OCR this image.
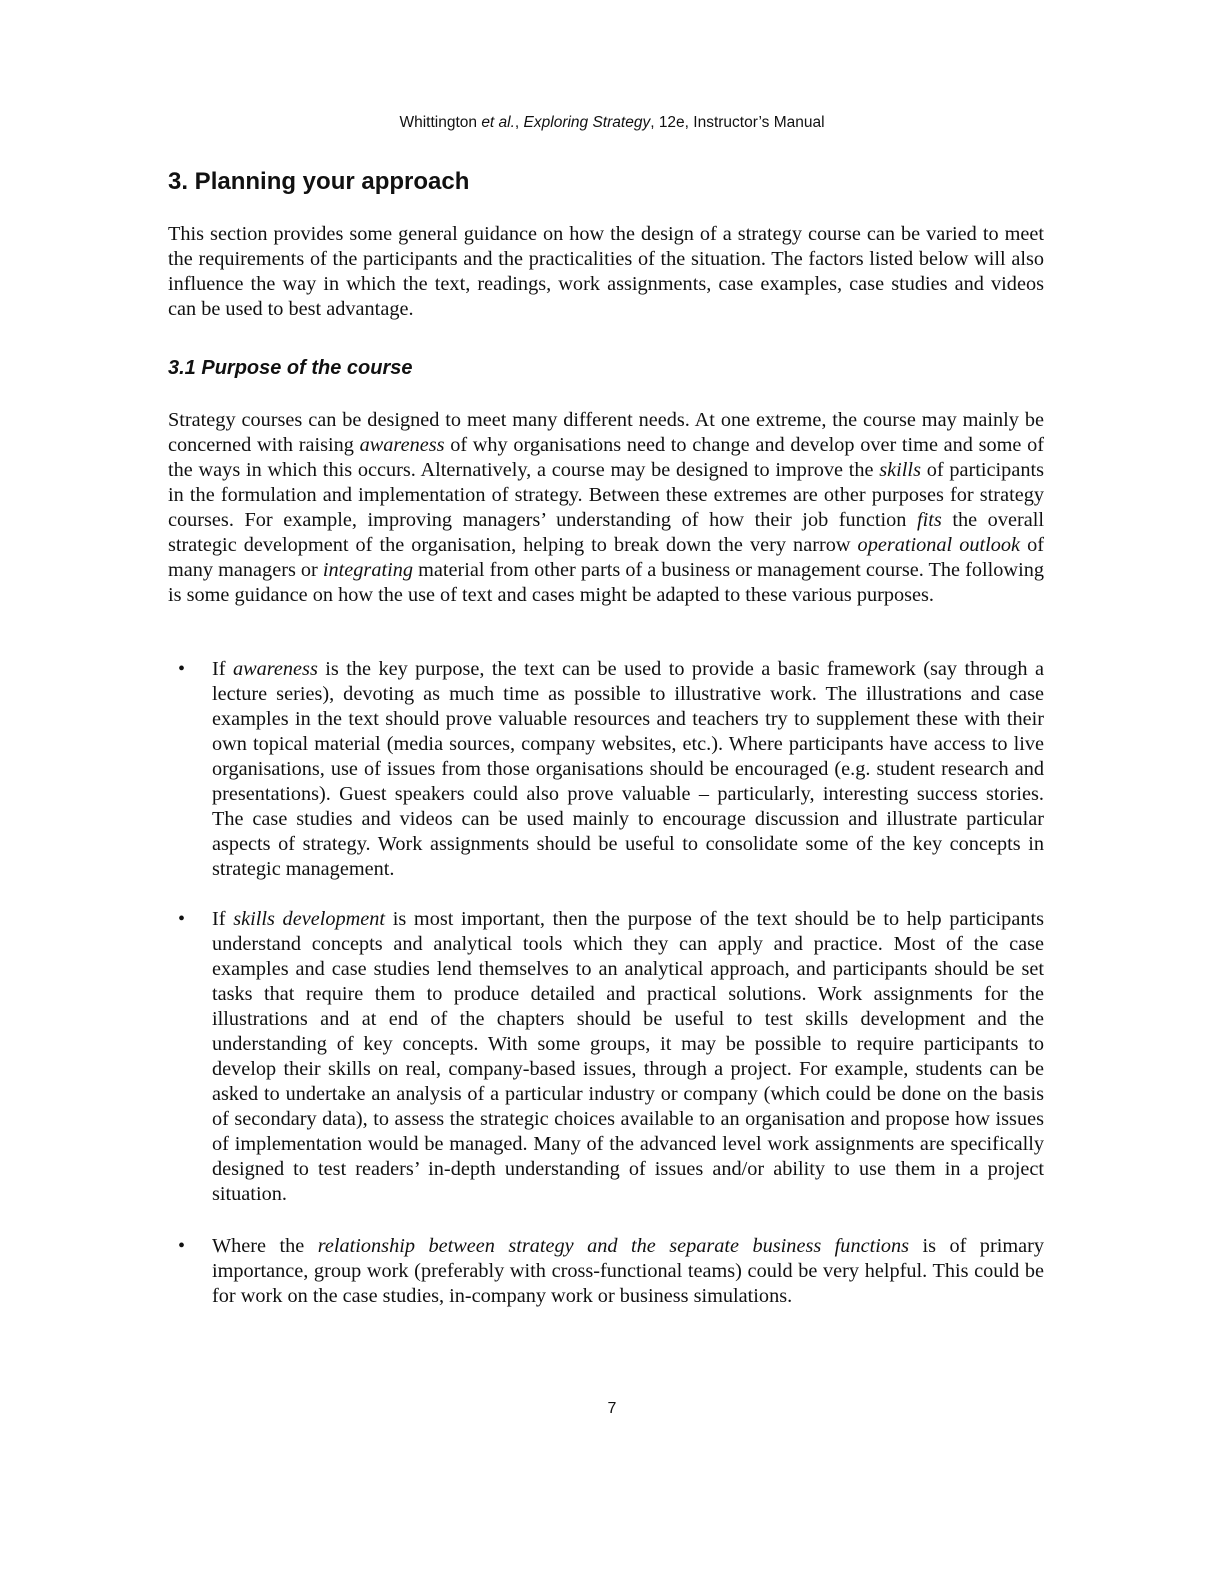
Whittington et al., Exploring Strategy, 12e, Instructor’s Manual
3. Planning your approach

This section provides some general guidance on how the design of a strategy course can be varied to meet the requirements of the participants and the practicalities of the situation. The factors listed below will also influence the way in which the text, readings, work assignments, case examples, case studies and videos can be used to best advantage.

3.1 Purpose of the course

Strategy courses can be designed to meet many different needs. At one extreme, the course may mainly be concerned with raising awareness of why organisations need to change and develop over time and some of the ways in which this occurs. Alternatively, a course may be designed to improve the skills of participants in the formulation and implementation of strategy. Between these extremes are other purposes for strategy courses. For example, improving managers’ understanding of how their job function fits the overall strategic development of the organisation, helping to break down the very narrow operational outlook of many managers or integrating material from other parts of a business or management course. The following is some guidance on how the use of text and cases might be adapted to these various purposes.

• If awareness is the key purpose, the text can be used to provide a basic framework (say through a lecture series), devoting as much time as possible to illustrative work. The illustrations and case examples in the text should prove valuable resources and teachers try to supplement these with their own topical material (media sources, company websites, etc.). Where participants have access to live organisations, use of issues from those organisations should be encouraged (e.g. student research and presentations). Guest speakers could also prove valuable – particularly, interesting success stories. The case studies and videos can be used mainly to encourage discussion and illustrate particular aspects of strategy. Work assignments should be useful to consolidate some of the key concepts in strategic management.

• If skills development is most important, then the purpose of the text should be to help participants understand concepts and analytical tools which they can apply and practice. Most of the case examples and case studies lend themselves to an analytical approach, and participants should be set tasks that require them to produce detailed and practical solutions. Work assignments for the illustrations and at end of the chapters should be useful to test skills development and the understanding of key concepts. With some groups, it may be possible to require participants to develop their skills on real, company-based issues, through a project. For example, students can be asked to undertake an analysis of a particular industry or company (which could be done on the basis of secondary data), to assess the strategic choices available to an organisation and propose how issues of implementation would be managed. Many of the advanced level work assignments are specifically designed to test readers’ in-depth understanding of issues and/or ability to use them in a project situation.

• Where the relationship between strategy and the separate business functions is of primary importance, group work (preferably with cross-functional teams) could be very helpful. This could be for work on the case studies, in-company work or business simulations.

7
